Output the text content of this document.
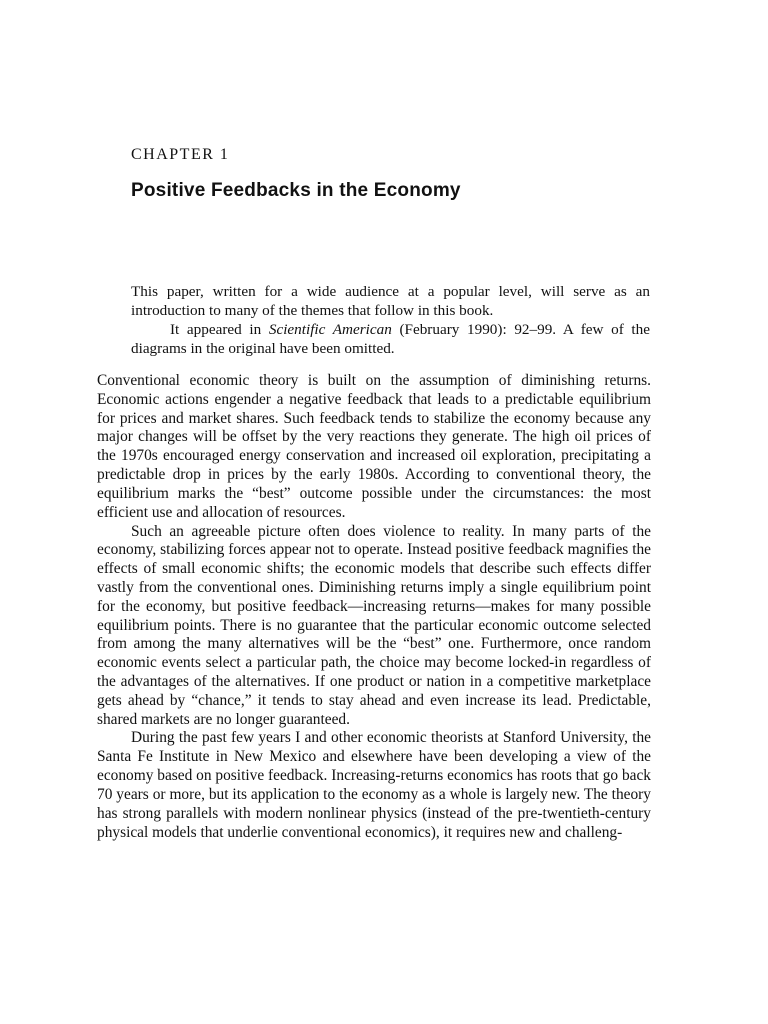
CHAPTER 1
Positive Feedbacks in the Economy

This paper, written for a wide audience at a popular level, will serve as an introduction to many of the themes that follow in this book.

It appeared in Scientific American (February 1990): 92–99. A few of the diagrams in the original have been omitted.

Conventional economic theory is built on the assumption of diminishing returns. Economic actions engender a negative feedback that leads to a predictable equilibrium for prices and market shares. Such feedback tends to stabilize the economy because any major changes will be offset by the very reactions they generate. The high oil prices of the 1970s encouraged energy conservation and increased oil exploration, precipitating a predictable drop in prices by the early 1980s. According to conventional theory, the equilibrium marks the “best” outcome possible under the circumstances: the most efficient use and allocation of resources.

Such an agreeable picture often does violence to reality. In many parts of the economy, stabilizing forces appear not to operate. Instead positive feedback magnifies the effects of small economic shifts; the economic models that describe such effects differ vastly from the conventional ones. Diminishing returns imply a single equilibrium point for the economy, but positive feedback—increasing returns—makes for many possible equilibrium points. There is no guarantee that the particular economic outcome selected from among the many alternatives will be the “best” one. Furthermore, once random economic events select a particular path, the choice may become locked-in regardless of the advantages of the alternatives. If one product or nation in a competitive marketplace gets ahead by “chance,” it tends to stay ahead and even increase its lead. Predictable, shared markets are no longer guaranteed.

During the past few years I and other economic theorists at Stanford University, the Santa Fe Institute in New Mexico and elsewhere have been developing a view of the economy based on positive feedback. Increasing-returns economics has roots that go back 70 years or more, but its application to the economy as a whole is largely new. The theory has strong parallels with modern nonlinear physics (instead of the pre-twentieth-century physical models that underlie conventional economics), it requires new and challeng-
